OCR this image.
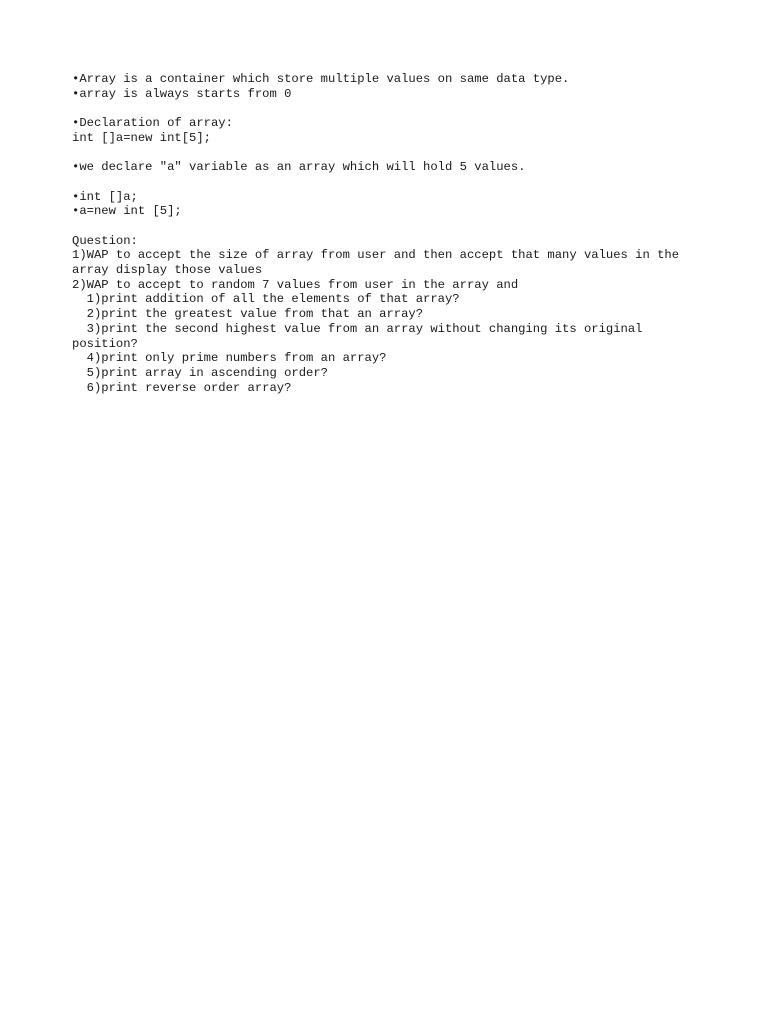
•Array is a container which store multiple values on same data type.
•array is always starts from 0
•Declaration of array:
int []a=new int[5];
•we declare "a" variable as an array which will hold 5 values.
•int []a;
•a=new int [5];
Question:
1)WAP to accept the size of array from user and then accept that many values in the
array display those values
2)WAP to accept to random 7 values from user in the array and
1)print addition of all the elements of that array?
2)print the greatest value from that an array?
3)print the second highest value from an array without changing its original
position?
4)print only prime numbers from an array?
5)print array in ascending order?
6)print reverse order array?
